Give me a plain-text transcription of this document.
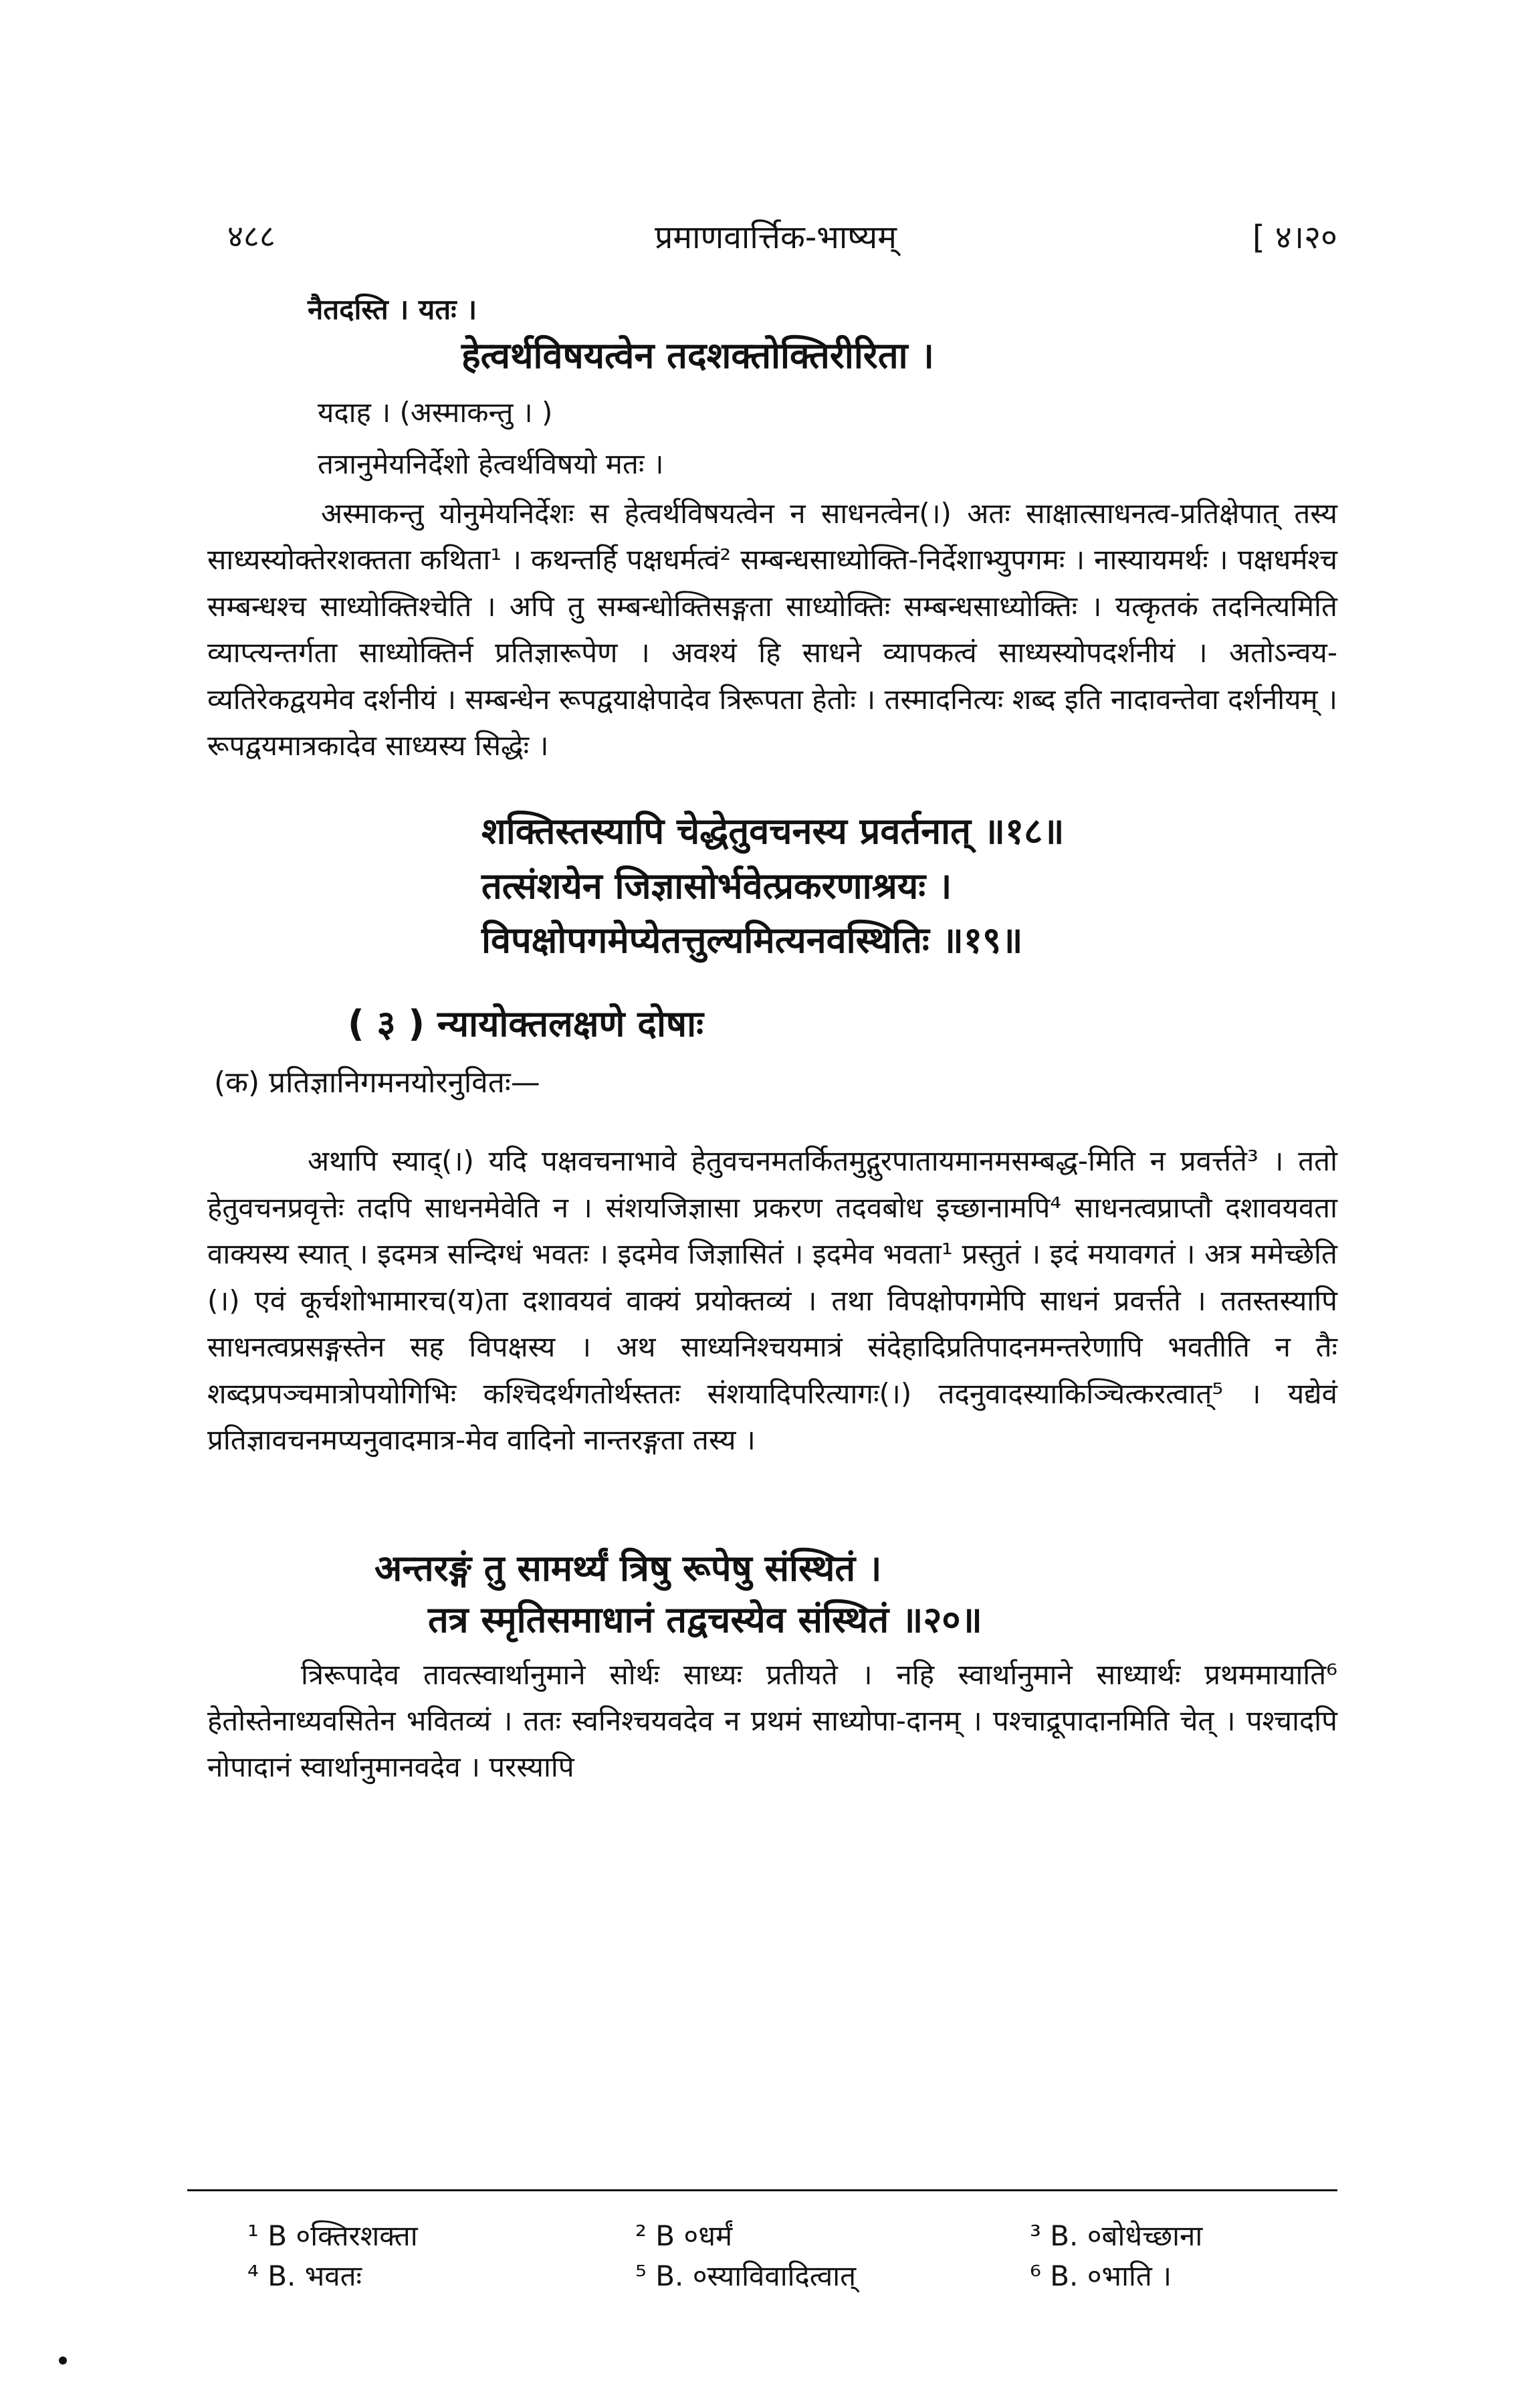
४८८	प्रमाणवार्त्तिक-भाष्यम्	[ ४।२०
नैतदस्ति । यतः ।
हेत्वर्थविषयत्वेन तदशक्तोक्तिरीरिता ।
यदाह । (अस्माकन्तु । )
तत्रानुमेयनिर्देशो हेत्वर्थविषयो मतः ।
अस्माकन्तु योनुमेयनिर्देशः स हेत्वर्थविषयत्वेन न साधनत्वेन(।) अतः साक्षात्साधनत्व-प्रतिक्षेपात् तस्य साध्यस्योक्तेरशक्तता कथिता¹ । कथन्तर्हि पक्षधर्मत्वं² सम्बन्धसाध्योक्ति-निर्देशाभ्युपगमः । नास्यायमर्थः । पक्षधर्मश्च सम्बन्धश्च साध्योक्तिश्चेति । अपि तु सम्बन्धोक्तिसङ्गता साध्योक्तिः सम्बन्धसाध्योक्तिः । यत्कृतकं तदनित्यमिति व्याप्त्यन्तर्गता साध्योक्तिर्न प्रतिज्ञारूपेण । अवश्यं हि साधने व्यापकत्वं साध्यस्योपदर्शनीयं । अतोऽन्वय-व्यतिरेकद्वयमेव दर्शनीयं । सम्बन्धेन रूपद्वयाक्षेपादेव त्रिरूपता हेतोः । तस्मादनित्यः शब्द इति नादावन्तेवा दर्शनीयम् । रूपद्वयमात्रकादेव साध्यस्य सिद्धेः ।
शक्तिस्तस्यापि चेद्धेतुवचनस्य प्रवर्तनात् ॥१८॥
तत्संशयेन जिज्ञासोर्भवेत्प्रकरणाश्रयः ।
विपक्षोपगमेप्येतत्तुल्यमित्यनवस्थितिः ॥१९॥
( ३ ) न्यायोक्तलक्षणे दोषाः
(क) प्रतिज्ञानिगमनयोरनुवितः—
अथापि स्याद्(।) यदि पक्षवचनाभावे हेतुवचनमतर्कितमुद्गुरपातायमानमसम्बद्ध-मिति न प्रवर्त्तते³ । ततो हेतुवचनप्रवृत्तेः तदपि साधनमेवेति न । संशयजिज्ञासा प्रकरण तदवबोध इच्छानामपि⁴ साधनत्वप्राप्तौ दशावयवता वाक्यस्य स्यात् । इदमत्र सन्दिग्धं भवतः । इदमेव जिज्ञासितं । इदमेव भवता¹ प्रस्तुतं । इदं मयावगतं । अत्र ममेच्छेति (।) एवं कूर्चशोभामारच(य)ता दशावयवं वाक्यं प्रयोक्तव्यं । तथा विपक्षोपगमेपि साधनं प्रवर्त्तते । ततस्तस्यापि साधनत्वप्रसङ्गस्तेन सह विपक्षस्य । अथ साध्यनिश्चयमात्रं संदेहादिप्रतिपादनमन्तरेणापि भवतीति न तैः शब्दप्रपञ्चमात्रोपयोगिभिः कश्चिदर्थगतोर्थस्ततः संशयादिपरित्यागः(।) तदनुवादस्याकिञ्चित्करत्वात्⁵ । यद्येवं प्रतिज्ञावचनमप्यनुवादमात्र-मेव वादिनो नान्तरङ्गता तस्य ।
अन्तरङ्गं तु सामर्थ्यं त्रिषु रूपेषु संस्थितं ।
तत्र स्मृतिसमाधानं तद्वचस्येव संस्थितं ॥२०॥
त्रिरूपादेव तावत्स्वार्थानुमाने सोर्थः साध्यः प्रतीयते । नहि स्वार्थानुमाने साध्यार्थः प्रथममायाति⁶ हेतोस्तेनाध्यवसितेन भवितव्यं । ततः स्वनिश्चयवदेव न प्रथमं साध्योपा-दानम् । पश्चाद्रूपादानमिति चेत् । पश्चादपि नोपादानं स्वार्थानुमानवदेव । परस्यापि
¹ B ०क्तिरशक्ता	² B ०धर्मं	³ B. ०बोधेच्छाना
⁴ B. भवतः	⁵ B. ०स्याविवादित्वात्	⁶ B. ०भाति ।
